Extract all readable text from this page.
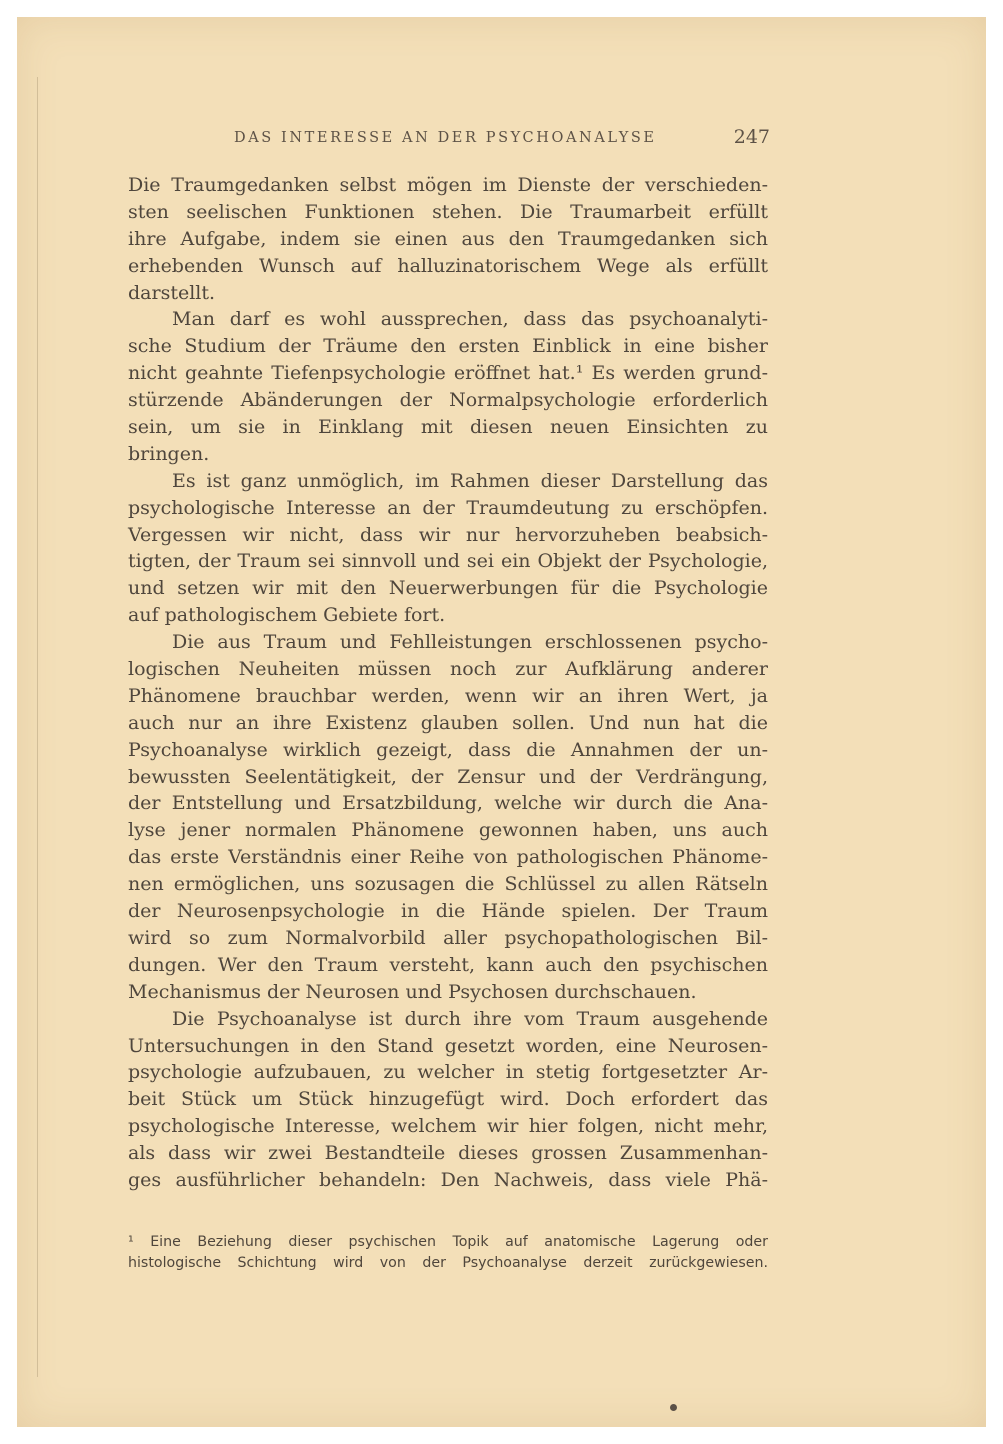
DAS INTERESSE AN DER PSYCHOANALYSE	247
Die Traumgedanken selbst mögen im Dienste der verschieden-
sten seelischen Funktionen stehen. Die Traumarbeit erfüllt
ihre Aufgabe, indem sie einen aus den Traumgedanken sich
erhebenden Wunsch auf halluzinatorischem Wege als erfüllt
darstellt.
Man darf es wohl aussprechen, dass das psychoanalyti-
sche Studium der Träume den ersten Einblick in eine bisher
nicht geahnte Tiefenpsychologie eröffnet hat.¹ Es werden grund-
stürzende Abänderungen der Normalpsychologie erforderlich
sein, um sie in Einklang mit diesen neuen Einsichten zu
bringen.
Es ist ganz unmöglich, im Rahmen dieser Darstellung das
psychologische Interesse an der Traumdeutung zu erschöpfen.
Vergessen wir nicht, dass wir nur hervorzuheben beabsich-
tigten, der Traum sei sinnvoll und sei ein Objekt der Psychologie,
und setzen wir mit den Neuerwerbungen für die Psychologie
auf pathologischem Gebiete fort.
Die aus Traum und Fehlleistungen erschlossenen psycho-
logischen Neuheiten müssen noch zur Aufklärung anderer
Phänomene brauchbar werden, wenn wir an ihren Wert, ja
auch nur an ihre Existenz glauben sollen. Und nun hat die
Psychoanalyse wirklich gezeigt, dass die Annahmen der un-
bewussten Seelentätigkeit, der Zensur und der Verdrängung,
der Entstellung und Ersatzbildung, welche wir durch die Ana-
lyse jener normalen Phänomene gewonnen haben, uns auch
das erste Verständnis einer Reihe von pathologischen Phänome-
nen ermöglichen, uns sozusagen die Schlüssel zu allen Rätseln
der Neurosenpsychologie in die Hände spielen. Der Traum
wird so zum Normalvorbild aller psychopathologischen Bil-
dungen. Wer den Traum versteht, kann auch den psychischen
Mechanismus der Neurosen und Psychosen durchschauen.
Die Psychoanalyse ist durch ihre vom Traum ausgehende
Untersuchungen in den Stand gesetzt worden, eine Neurosen-
psychologie aufzubauen, zu welcher in stetig fortgesetzter Ar-
beit Stück um Stück hinzugefügt wird. Doch erfordert das
psychologische Interesse, welchem wir hier folgen, nicht mehr,
als dass wir zwei Bestandteile dieses grossen Zusammenhan-
ges ausführlicher behandeln: Den Nachweis, dass viele Phä-
¹ Eine Beziehung dieser psychischen Topik auf anatomische Lagerung oder
histologische Schichtung wird von der Psychoanalyse derzeit zurückgewiesen.
